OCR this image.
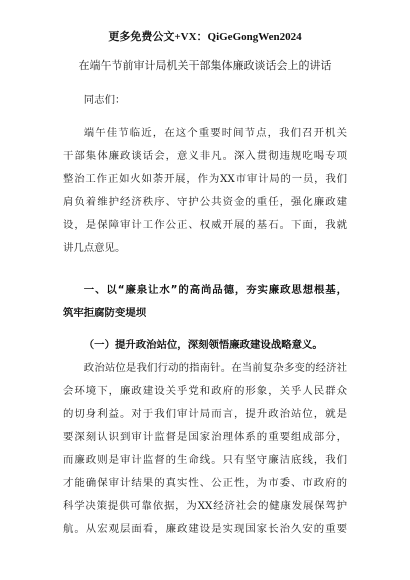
更多免费公文+VX：QiGeGongWen2024
在端午节前审计局机关干部集体廉政谈话会上的讲话
同志们：
端午佳节临近，在这个重要时间节点，我们召开机关
干部集体廉政谈话会，意义非凡。深入贯彻违规吃喝专项
整治工作正如火如荼开展，作为XX市审计局的一员，我们
肩负着维护经济秩序、守护公共资金的重任，强化廉政建
设，是保障审计工作公正、权威开展的基石。下面，我就
讲几点意见。
一、以“廉泉让水”的高尚品德，夯实廉政思想根基，
筑牢拒腐防变堤坝
（一）提升政治站位，深刻领悟廉政建设战略意义。
政治站位是我们行动的指南针。在当前复杂多变的经济社
会环境下，廉政建设关乎党和政府的形象，关乎人民群众
的切身利益。对于我们审计局而言，提升政治站位，就是
要深刻认识到审计监督是国家治理体系的重要组成部分，
而廉政则是审计监督的生命线。只有坚守廉洁底线，我们
才能确保审计结果的真实性、公正性，为市委、市政府的
科学决策提供可靠依据，为XX经济社会的健康发展保驾护
航。从宏观层面看，廉政建设是实现国家长治久安的重要
